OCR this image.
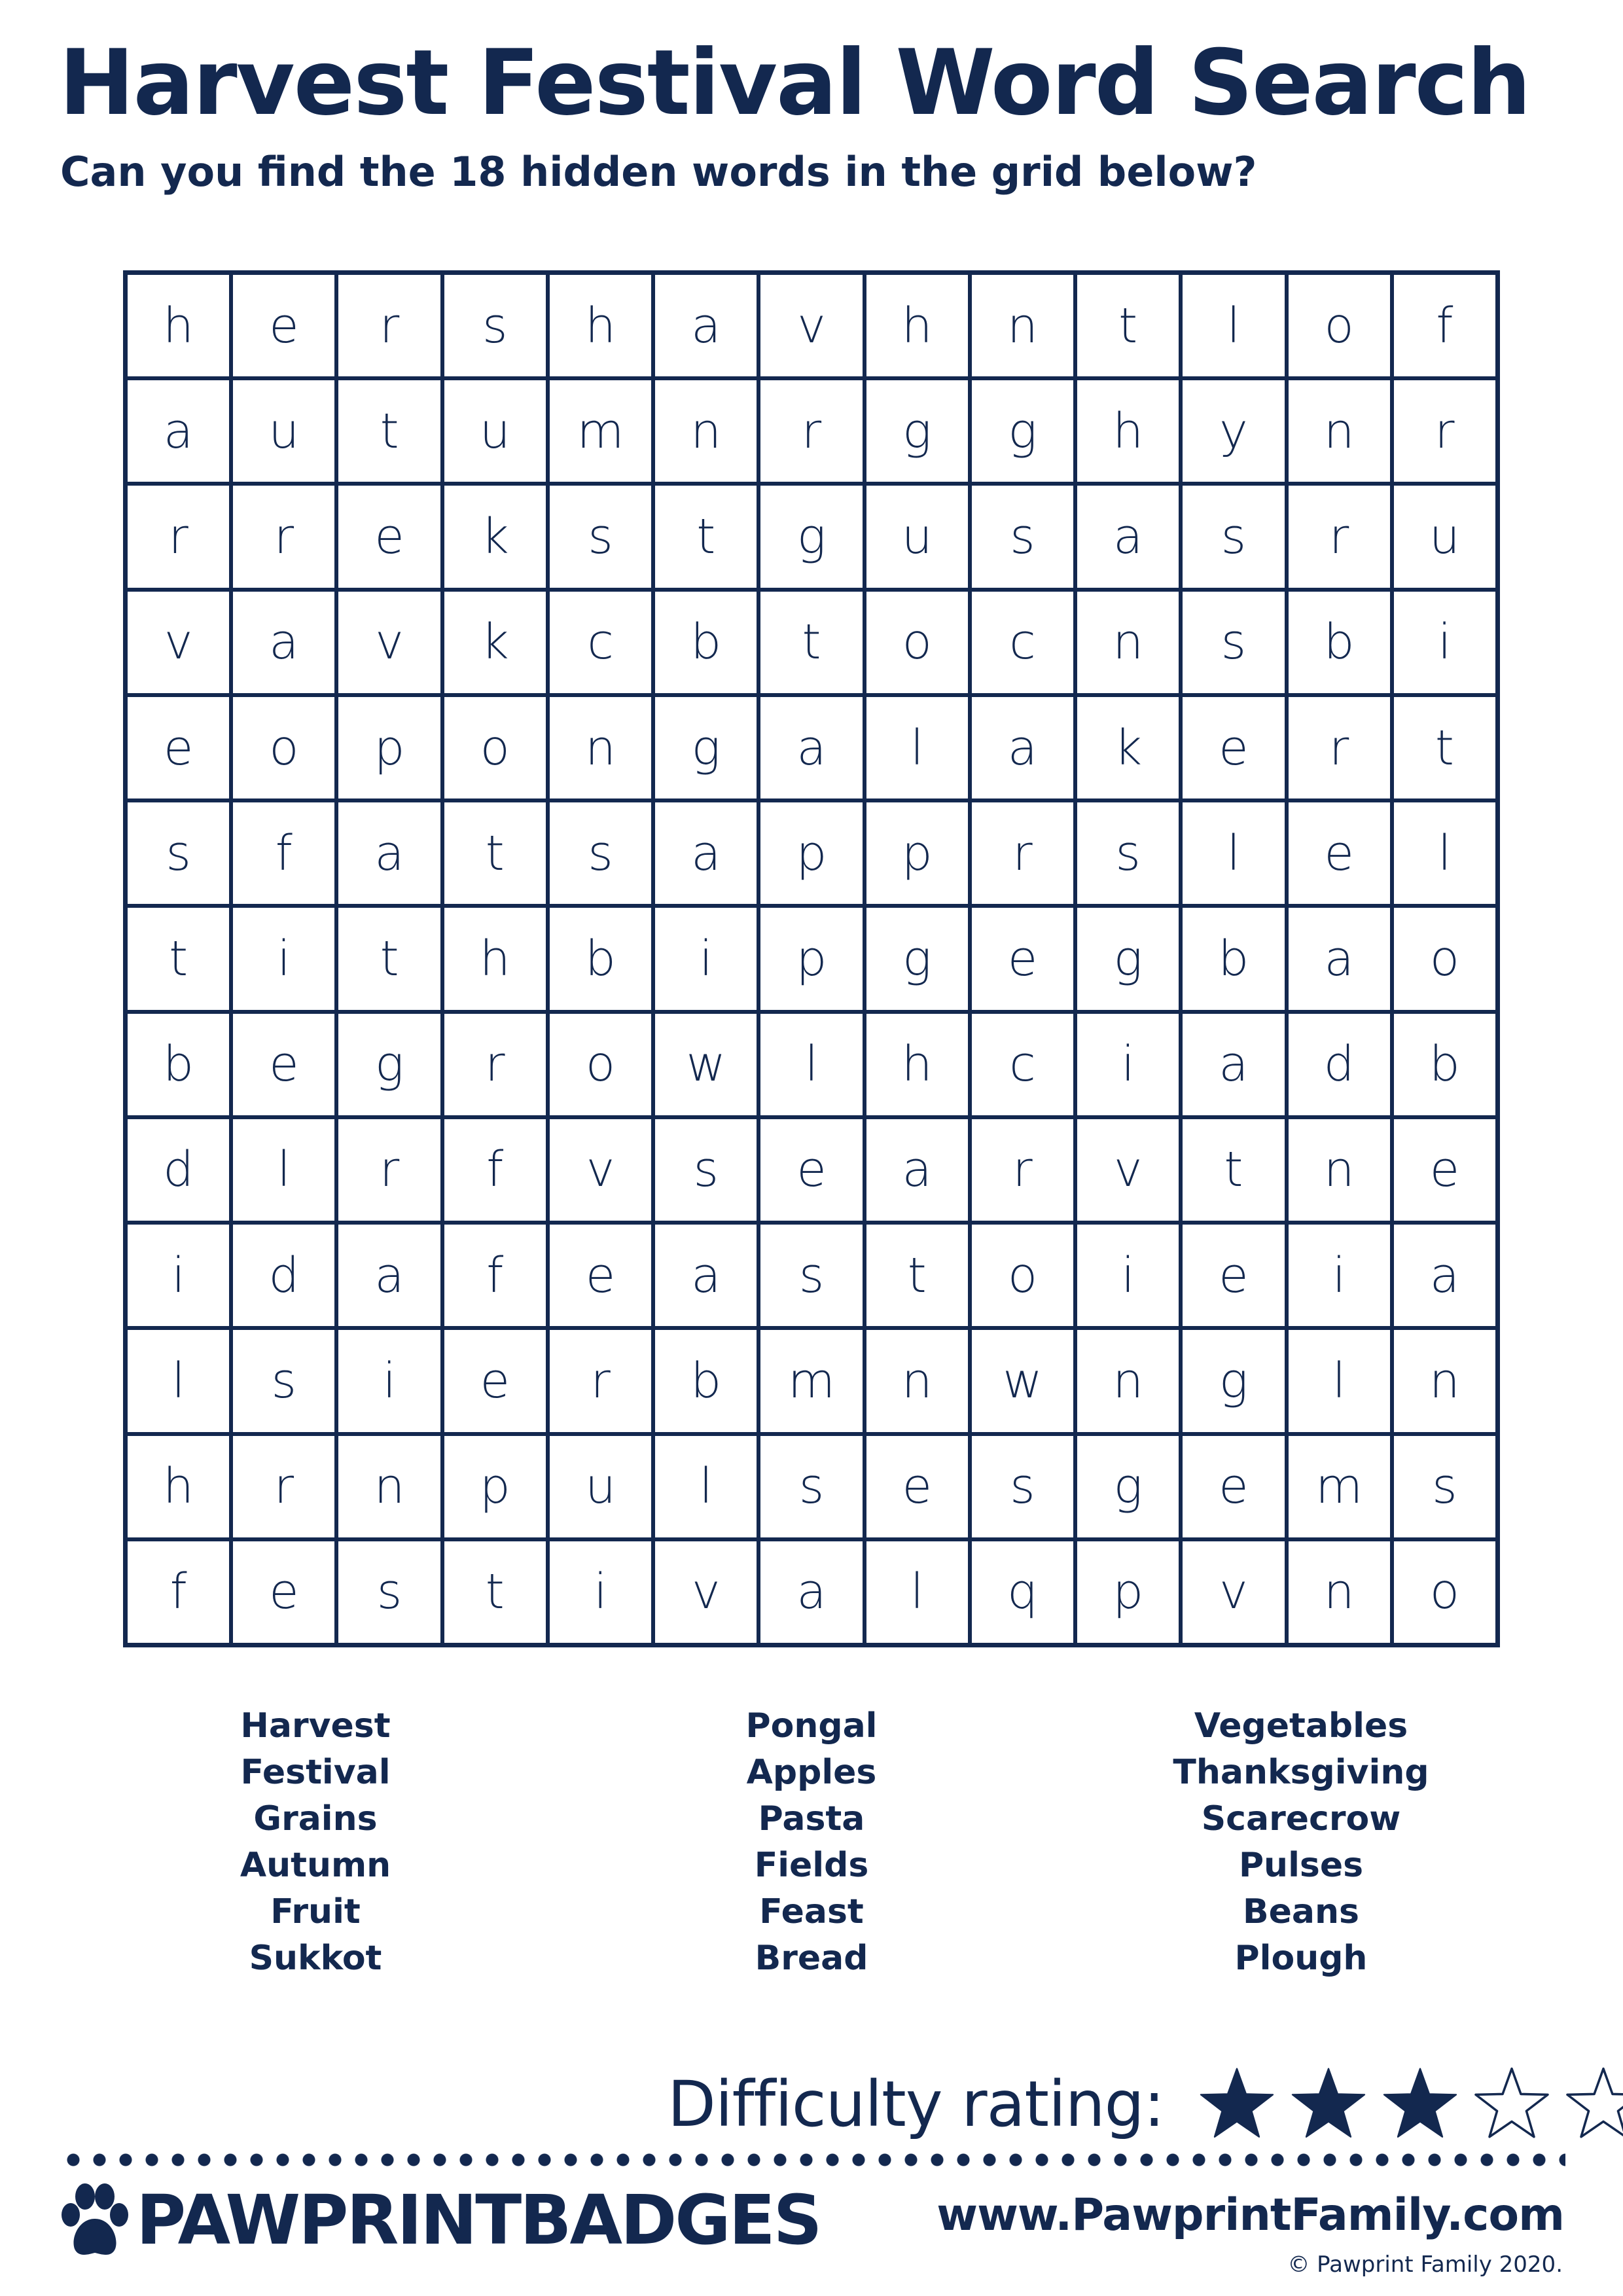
Harvest Festival Word Search
Can you find the 18 hidden words in the grid below?
h	e	r	s	h	a	v	h	n	t	l	o	f
a	u	t	u	m	n	r	g	g	h	y	n	r
r	r	e	k	s	t	g	u	s	a	s	r	u
v	a	v	k	c	b	t	o	c	n	s	b	i
e	o	p	o	n	g	a	l	a	k	e	r	t
s	f	a	t	s	a	p	p	r	s	l	e	l
t	i	t	h	b	i	p	g	e	g	b	a	o
b	e	g	r	o	w	l	h	c	i	a	d	b
d	l	r	f	v	s	e	a	r	v	t	n	e
i	d	a	f	e	a	s	t	o	i	e	i	a
l	s	i	e	r	b	m	n	w	n	g	l	n
h	r	n	p	u	l	s	e	s	g	e	m	s
f	e	s	t	i	v	a	l	q	p	v	n	o
Harvest
Festival
Grains
Autumn
Fruit
Sukkot
Pongal
Apples
Pasta
Fields
Feast
Bread
Vegetables
Thanksgiving
Scarecrow
Pulses
Beans
Plough
Difficulty rating:
PAWPRINTBADGES	www.PawprintFamily.com
© Pawprint Family 2020.
